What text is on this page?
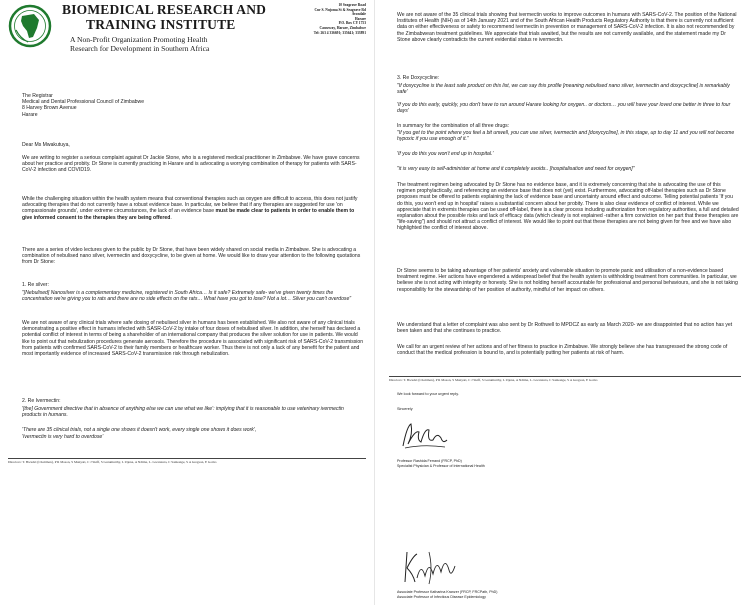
BIOMEDICAL RESEARCH AND
TRAINING INSTITUTE
A Non-Profit Organization Promoting Health
Research for Development in Southern Africa
10 Seagrave Road
Cnr S. Nujoma St & Seagrave Rd
Avondale
Harare
P.O. Box CY 1753
Causeway, Harare, Zimbabwe
Tel: 263 4 336691; 335641; 333891
The Registrar
Medical and Dental Professional Council of Zimbabwe
8 Harvey Brown Avenue
Harare
Dear Ms Mwakutuya,
We are writing to register a serious complaint against Dr Jackie Stone, who is a registered medical practitioner in Zimbabwe. We have grave concerns about her practice and probity. Dr Stone is currently practicing in Harare and is advocating a worrying combination of therapy for patients with SARS-CoV-2 infection and COVID19.
While the challenging situation within the health system means that conventional therapies such as oxygen are difficult to access, this does not justify advocating therapies that do not currently have a robust evidence base. In particular, we believe that if any therapies are suggested for use 'on compassionate grounds', under extreme circumstances, the lack of an evidence base must be made clear to patients in order to enable them to give informed consent to the therapies they are being offered.
There are a series of video lectures given to the public by Dr Stone, that have been widely shared on social media in Zimbabwe. She is advocating a combination of nebulised nano silver, ivermectin and doxycycline, to be given at home. We would like to draw your attention to the following quotations from Dr Stone:
1. Re silver:
"[Nebulised] Nanosilver is a complementary medicine, registered in South Africa… Is it safe? Extremely safe- we've given twenty times the concentration we're giving you to rats and there are no side effects on the rats… What have you got to lose? Not a lot… Silver you can't overdose"
We are not aware of any clinical trials where safe dosing of nebulised silver in humans has been established. We also not aware of any clinical trials demonstrating a positive effect in humans infected with SASR-CoV-2 by intake of four doses of nebulised silver. In addition, she herself has declared a potential conflict of interest in terms of being a shareholder of an international company that produces the silver solution for use in patients. We would like to point out that nebulization procedures generate aerosols. Therefore the procedure is associated with significant risk of SARS-CoV-2 transmission from patients with confirmed SARS-CoV-2 to their family members or healthcare worker. Thus there is not only a lack of any benefit for the patient and most importantly evidence of increased SARS-CoV-2 transmission risk through nebulization.
2. Re Ivermectin:
'[the] Government directive that in absence of anything else we can use what we like': implying that it is reasonable to use veterinary ivermectin products in humans.
'There are 35 clinical trials, not a single one shows it doesn't work, every single one shows it does work',
'Ivermectin is very hard to overdose'
Directors: T. Bwudzi (Chairman), P R Mason, S Munyati, C J Skiff, S Gurumurthy, L Zijena, A Ndima, L. Gwanzura, C Sankange, S A Gregson, E Gomo
We are not aware of the 35 clinical trials showing that ivermectin works to improve outcomes in humans with SARS-CoV-2. The position of the National Institutes of Health (NIH) as of 14th January 2021 and of the South African Health Products Regulatory Authority is that there is currently not sufficient data on either effectiveness or safety to recommend ivermectin in prevention or management of SARS-CoV-2 infection. It is also not recommended by the Zimbabwean treatment guidelines. We appreciate that trials awaited, but the results are not currently available, and the statement made my Dr Stone above clearly contradicts the current evidential status re ivermectin.
3. Re Doxycycline:
"If doxycycline is the least safe product on this list, we can say this profile [meaning nebulised nano silver, ivermectin and doxycycline] is remarkably safe'
'If you do this early, quickly, you don't have to run around Harare looking for oxygen.. or doctors… you will have your loved one better in three to four days'
In summary for the combination of all three drugs:
"If you get to the point where you feel a bit unwell, you can use silver, ivermectin and [doxycycline], in this stage, up to day 11 and you will not become hypoxic if you use enough of it."
'If you do this you won't end up in hospital.'
"it is very easy to self-administer at home and it completely avoids.. [hospitalisation and need for oxygen]"
The treatment regimen being advocated by Dr Stone has no evidence base, and it is extremely concerning that she is advocating the use of this regimen prophylactically, and referencing an evidence base that does not (yet) exist. Furthermore, advocating off-label therapies such as Dr Stone proposes must be offered to patients explaining the lack of evidence base and uncertainty around effect and outcome. Telling potential patients 'If you do this, you won't end up in hospital' raises a substantial concern about her probity. There is also clear evidence of conflict of interest. While we appreciate that in extremis therapies can be used off-label, there is a clear process including authorization from regulatory authorities, a full and detailed explanation about the possible risks and lack of efficacy data (which clearly is not explained -rather a firm conviction on her part that these therapies are "life-saving") and should not attract a conflict of interest. We would like to point out that these therapies are not being given for free and we have also highlighted the conflict of interest above.
Dr Stone seems to be taking advantage of her patients' anxiety and vulnerable situation to promote panic and utilisation of a non-evidence based treatment regime. Her actions have engendered a widespread belief that the health system is withholding treatment from communities. In particular, we believe she is not acting with integrity or honesty. She is not holding herself accountable for professional and personal behaviours, and she is not taking responsibility for the stewardship of her position of authority, mindful of her impact on others.
We understand that a letter of complaint was also sent by Dr Rothwell to MPDCZ as early as March 2020- we are disappointed that no action has yet been taken and that she continues to practice.
We call for an urgent review of her actions and of her fitness to practice in Zimbabwe. We strongly believe she has transgressed the strong code of conduct that the medical profession is bound to, and is potentially putting her patients at risk of harm.
Directors: T. Bwudzi (Chairman), P R Mason, S Munyati, C J Skiff, S Gurumurthy, L Zijena, A Ndima, L. Gwanzura, C Sankange, S A Gregson, E Gomo
We look forward to your urgent reply.
Sincerely
Professor Rashida Ferrand (FRCP, PhD)
Specialist Physician & Professor of International Health
Associate Professor Katharina Kranzer (FRCP, FRCPath, PhD)
Associate Professor of Infectious Disease Epidemiology
